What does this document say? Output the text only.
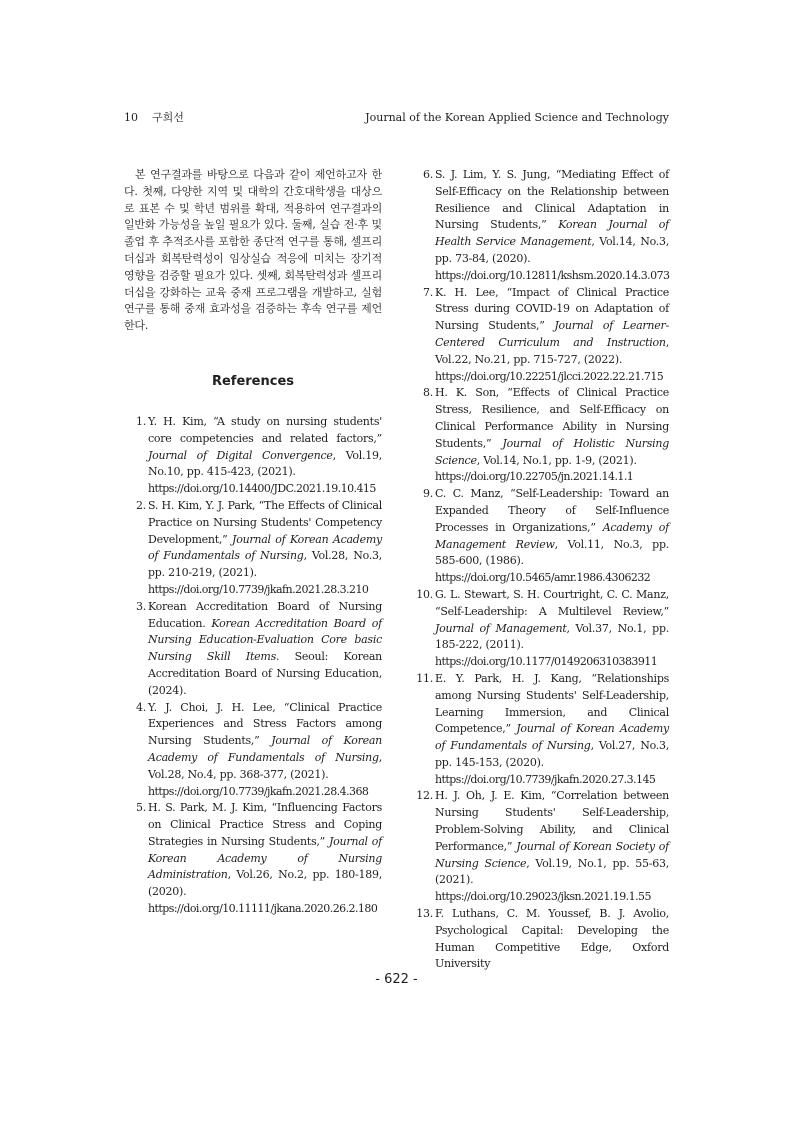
10 구희선	Journal of the Korean Applied Science and Technology

본 연구결과를 바탕으로 다음과 같이 제언하고자 한다. 첫째, 다양한 지역 및 대학의 간호대학생을 대상으로 표본 수 및 학년 범위를 확대, 적용하여 연구결과의 일반화 가능성을 높일 필요가 있다. 둘째, 실습 전·후 및 졸업 후 추적조사를 포함한 종단적 연구를 통해, 셀프리더십과 회복탄력성이 임상실습 적응에 미치는 장기적 영향을 검증할 필요가 있다. 셋째, 회복탄력성과 셀프리더십을 강화하는 교육 중재 프로그램을 개발하고, 실험연구를 통해 중재 효과성을 검증하는 후속 연구를 제언한다.

References
1. Y. H. Kim, “A study on nursing students' core competencies and related factors,” Journal of Digital Convergence, Vol.19, No.10, pp. 415-423, (2021).
https://doi.org/10.14400/JDC.2021.19.10.415
2. S. H. Kim, Y. J. Park, “The Effects of Clinical Practice on Nursing Students' Competency Development,” Journal of Korean Academy of Fundamentals of Nursing, Vol.28, No.3, pp. 210-219, (2021).
https://doi.org/10.7739/jkafn.2021.28.3.210
3. Korean Accreditation Board of Nursing Education. Korean Accreditation Board of Nursing Education-Evaluation Core basic Nursing Skill Items. Seoul: Korean Accreditation Board of Nursing Education, (2024).
4. Y. J. Choi, J. H. Lee, “Clinical Practice Experiences and Stress Factors among Nursing Students,” Journal of Korean Academy of Fundamentals of Nursing, Vol.28, No.4, pp. 368-377, (2021).
https://doi.org/10.7739/jkafn.2021.28.4.368
5. H. S. Park, M. J. Kim, “Influencing Factors on Clinical Practice Stress and Coping Strategies in Nursing Students,” Journal of Korean Academy of Nursing Administration, Vol.26, No.2, pp. 180-189, (2020).
https://doi.org/10.11111/jkana.2020.26.2.180
6. S. J. Lim, Y. S. Jung, “Mediating Effect of Self-Efficacy on the Relationship between Resilience and Clinical Adaptation in Nursing Students,” Korean Journal of Health Service Management, Vol.14, No.3, pp. 73-84, (2020).
https://doi.org/10.12811/kshsm.2020.14.3.073
7. K. H. Lee, “Impact of Clinical Practice Stress during COVID-19 on Adaptation of Nursing Students,” Journal of Learner-Centered Curriculum and Instruction, Vol.22, No.21, pp. 715-727, (2022).
https://doi.org/10.22251/jlcci.2022.22.21.715
8. H. K. Son, “Effects of Clinical Practice Stress, Resilience, and Self-Efficacy on Clinical Performance Ability in Nursing Students,” Journal of Holistic Nursing Science, Vol.14, No.1, pp. 1-9, (2021).
https://doi.org/10.22705/jn.2021.14.1.1
9. C. C. Manz, “Self-Leadership: Toward an Expanded Theory of Self-Influence Processes in Organizations,” Academy of Management Review, Vol.11, No.3, pp. 585-600, (1986).
https://doi.org/10.5465/amr.1986.4306232
10. G. L. Stewart, S. H. Courtright, C. C. Manz, “Self-Leadership: A Multilevel Review,” Journal of Management, Vol.37, No.1, pp. 185-222, (2011).
https://doi.org/10.1177/0149206310383911
11. E. Y. Park, H. J. Kang, “Relationships among Nursing Students' Self-Leadership, Learning Immersion, and Clinical Competence,” Journal of Korean Academy of Fundamentals of Nursing, Vol.27, No.3, pp. 145-153, (2020).
https://doi.org/10.7739/jkafn.2020.27.3.145
12. H. J. Oh, J. E. Kim, “Correlation between Nursing Students' Self-Leadership, Problem-Solving Ability, and Clinical Performance,” Journal of Korean Society of Nursing Science, Vol.19, No.1, pp. 55-63, (2021).
https://doi.org/10.29023/jksn.2021.19.1.55
13. F. Luthans, C. M. Youssef, B. J. Avolio, Psychological Capital: Developing the Human Competitive Edge, Oxford University
- 622 -
